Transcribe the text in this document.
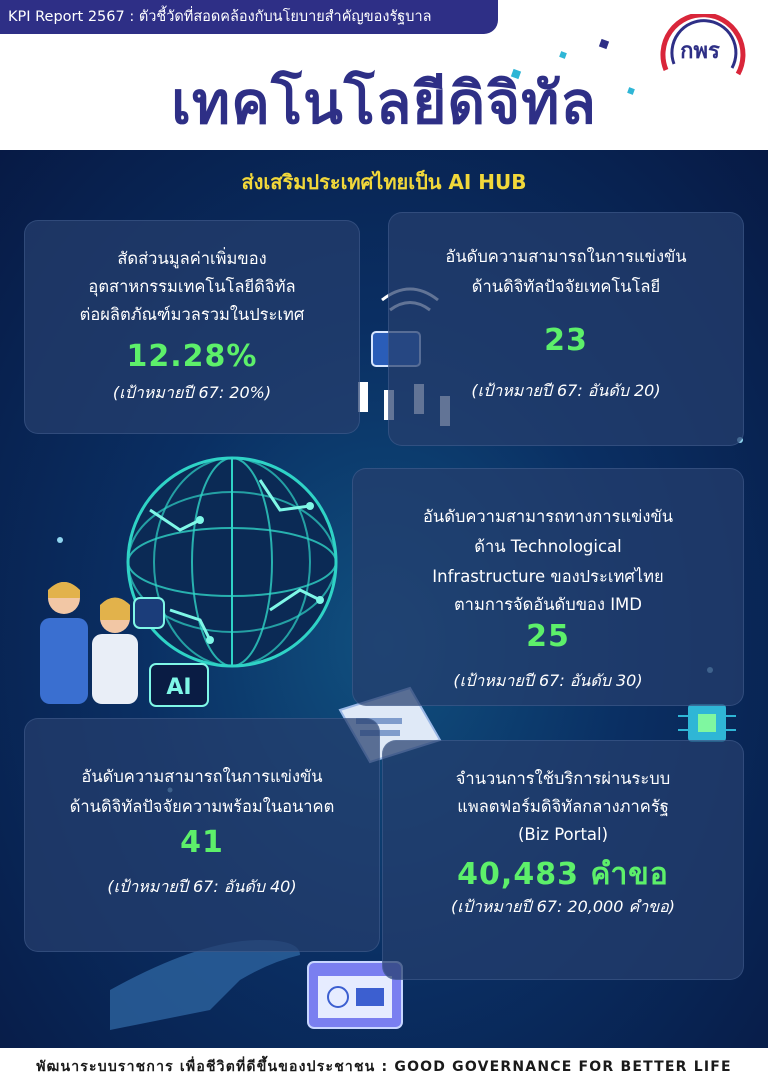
KPI Report 2567 : ตัวชี้วัดที่สอดคล้องกับนโยบายสำคัญของรัฐบาล
กพร
เทคโนโลยีดิจิทัล
AI
ส่งเสริมประเทศไทยเป็น AI HUB
สัดส่วนมูลค่าเพิ่มของ
อุตสาหกรรมเทคโนโลยีดิจิทัล
ต่อผลิตภัณฑ์มวลรวมในประเทศ
12.28%
(เป้าหมายปี 67: 20%)
อันดับความสามารถในการแข่งขัน
ด้านดิจิทัลปัจจัยเทคโนโลยี
23
(เป้าหมายปี 67: อันดับ 20)
อันดับความสามารถทางการแข่งขัน
ด้าน Technological
Infrastructure ของประเทศไทย
ตามการจัดอันดับของ IMD
25
(เป้าหมายปี 67: อันดับ 30)
อันดับความสามารถในการแข่งขัน
ด้านดิจิทัลปัจจัยความพร้อมในอนาคต
41
(เป้าหมายปี 67: อันดับ 40)
จำนวนการใช้บริการผ่านระบบ
แพลตฟอร์มดิจิทัลกลางภาครัฐ
(Biz Portal)
40,483 คำขอ
(เป้าหมายปี 67: 20,000 คำขอ)
พัฒนาระบบราชการ เพื่อชีวิตที่ดีขึ้นของประชาชน : GOOD GOVERNANCE FOR BETTER LIFE
